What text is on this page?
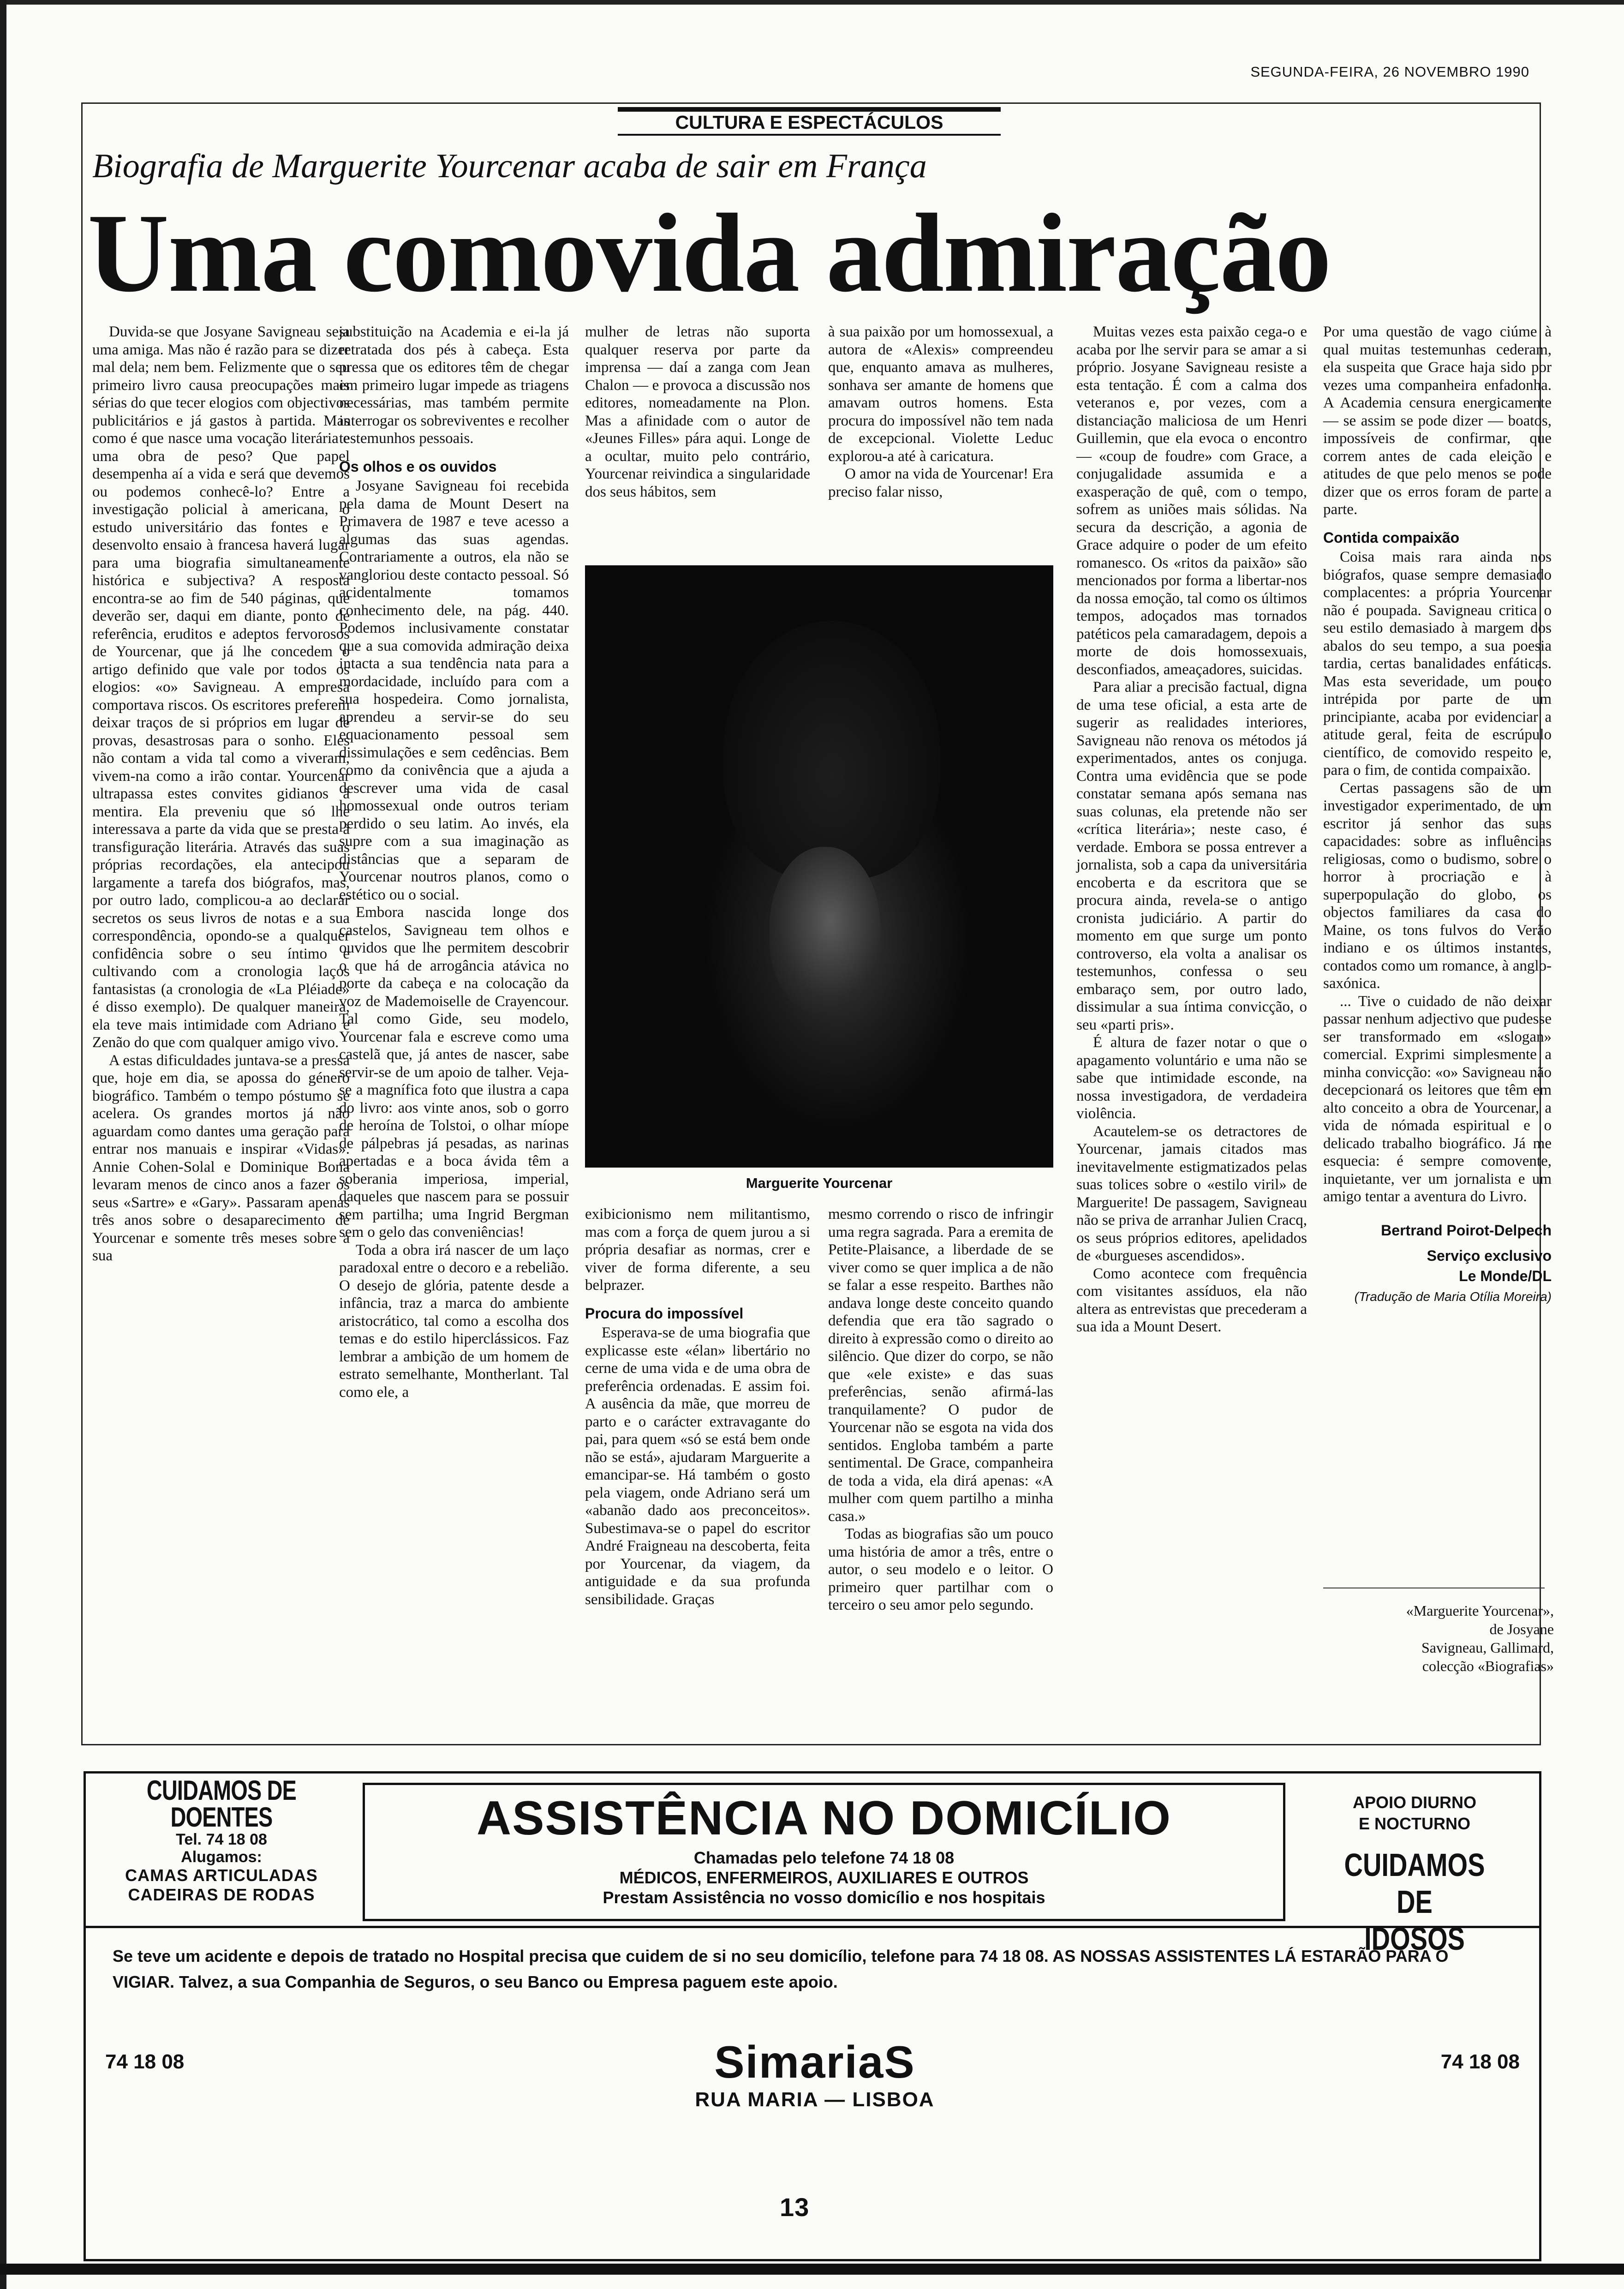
SEGUNDA-FEIRA, 26 NOVEMBRO 1990
CULTURA E ESPECTÁCULOS
Biografia de Marguerite Yourcenar acaba de sair em França
Uma comovida admiração

Duvida-se que Josyane Savigneau seja uma amiga. Mas não é razão para se dizer mal dela; nem bem. Felizmente que o seu primeiro livro causa preocupações mais sérias do que tecer elogios com objectivos publicitários e já gastos à partida. Mas como é que nasce uma vocação literária e uma obra de peso? Que papel desempenha aí a vida e será que devemos ou podemos conhecê-lo? Entre a investigação policial à americana, o estudo universitário das fontes e o desenvolto ensaio à francesa haverá lugar para uma biografia simultaneamente histórica e subjectiva? A resposta encontra-se ao fim de 540 páginas, que deverão ser, daqui em diante, ponto de referência, eruditos e adeptos fervorosos de Yourcenar, que já lhe concedem o artigo definido que vale por todos os elogios: «o» Savigneau. A empresa comportava riscos. Os escritores preferem deixar traços de si próprios em lugar de provas, desastrosas para o sonho. Eles não contam a vida tal como a viveram, vivem-na como a irão contar. Yourcenar ultrapassa estes convites gidianos à mentira. Ela preveniu que só lhe interessava a parte da vida que se presta à transfiguração literária. Através das suas próprias recordações, ela antecipou largamente a tarefa dos biógrafos, mas, por outro lado, complicou-a ao declarar secretos os seus livros de notas e a sua correspondência, opondo-se a qualquer confidência sobre o seu íntimo e cultivando com a cronologia laços fantasistas (a cronologia de «La Pléiade» é disso exemplo). De qualquer maneira, ela teve mais intimidade com Adriano e Zenão do que com qualquer amigo vivo.

A estas dificuldades juntava-se a pressa que, hoje em dia, se apossa do género biográfico. Também o tempo póstumo se acelera. Os grandes mortos já não aguardam como dantes uma geração para entrar nos manuais e inspirar «Vidas». Annie Cohen-Solal e Dominique Bona levaram menos de cinco anos a fazer os seus «Sartre» e «Gary». Passaram apenas três anos sobre o desaparecimento de Yourcenar e somente três meses sobre a sua

substituição na Academia e ei-la já retratada dos pés à cabeça. Esta pressa que os editores têm de chegar em primeiro lugar impede as triagens necessárias, mas também permite interrogar os sobreviventes e recolher testemunhos pessoais.

Os olhos e os ouvidos

Josyane Savigneau foi recebida pela dama de Mount Desert na Primavera de 1987 e teve acesso a algumas das suas agendas. Contrariamente a outros, ela não se vangloriou deste contacto pessoal. Só acidentalmente tomamos conhecimento dele, na pág. 440. Podemos inclusivamente constatar que a sua comovida admiração deixa intacta a sua tendência nata para a mordacidade, incluído para com a sua hospedeira. Como jornalista, aprendeu a servir-se do seu equacionamento pessoal sem dissimulações e sem cedências. Bem como da conivência que a ajuda a descrever uma vida de casal homossexual onde outros teriam perdido o seu latim. Ao invés, ela supre com a sua imaginação as distâncias que a separam de Yourcenar noutros planos, como o estético ou o social.

Embora nascida longe dos castelos, Savigneau tem olhos e ouvidos que lhe permitem descobrir o que há de arrogância atávica no porte da cabeça e na colocação da voz de Mademoiselle de Crayencour. Tal como Gide, seu modelo, Yourcenar fala e escreve como uma castelã que, já antes de nascer, sabe servir-se de um apoio de talher. Veja-se a magnífica foto que ilustra a capa do livro: aos vinte anos, sob o gorro de heroína de Tolstoi, o olhar míope de pálpebras já pesadas, as narinas apertadas e a boca ávida têm a soberania imperiosa, imperial, daqueles que nascem para se possuir sem partilha; uma Ingrid Bergman sem o gelo das conveniências!

Toda a obra irá nascer de um laço paradoxal entre o decoro e a rebelião. O desejo de glória, patente desde a infância, traz a marca do ambiente aristocrático, tal como a escolha dos temas e do estilo hiperclássicos. Faz lembrar a ambição de um homem de estrato semelhante, Montherlant. Tal como ele, a

mulher de letras não suporta qualquer reserva por parte da imprensa — daí a zanga com Jean Chalon — e provoca a discussão nos editores, nomeadamente na Plon. Mas a afinidade com o autor de «Jeunes Filles» pára aqui. Longe de a ocultar, muito pelo contrário, Yourcenar reivindica a singularidade dos seus hábitos, sem

à sua paixão por um homossexual, a autora de «Alexis» compreendeu que, enquanto amava as mulheres, sonhava ser amante de homens que amavam outros homens. Esta procura do impossível não tem nada de excepcional. Violette Leduc explorou-a até à caricatura.

O amor na vida de Yourcenar! Era preciso falar nisso,

Marguerite Yourcenar

exibicionismo nem militantismo, mas com a força de quem jurou a si própria desafiar as normas, crer e viver de forma diferente, a seu belprazer.

Procura do impossível

Esperava-se de uma biografia que explicasse este «élan» libertário no cerne de uma vida e de uma obra de preferência ordenadas. E assim foi. A ausência da mãe, que morreu de parto e o carácter extravagante do pai, para quem «só se está bem onde não se está», ajudaram Marguerite a emancipar-se. Há também o gosto pela viagem, onde Adriano será um «abanão dado aos preconceitos». Subestimava-se o papel do escritor André Fraigneau na descoberta, feita por Yourcenar, da viagem, da antiguidade e da sua profunda sensibilidade. Graças

mesmo correndo o risco de infringir uma regra sagrada. Para a eremita de Petite-Plaisance, a liberdade de se viver como se quer implica a de não se falar a esse respeito. Barthes não andava longe deste conceito quando defendia que era tão sagrado o direito à expressão como o direito ao silêncio. Que dizer do corpo, se não que «ele existe» e das suas preferências, senão afirmá-las tranquilamente? O pudor de Yourcenar não se esgota na vida dos sentidos. Engloba também a parte sentimental. De Grace, companheira de toda a vida, ela dirá apenas: «A mulher com quem partilho a minha casa.»

Todas as biografias são um pouco uma história de amor a três, entre o autor, o seu modelo e o leitor. O primeiro quer partilhar com o terceiro o seu amor pelo segundo.

Muitas vezes esta paixão cega-o e acaba por lhe servir para se amar a si próprio. Josyane Savigneau resiste a esta tentação. É com a calma dos veteranos e, por vezes, com a distanciação maliciosa de um Henri Guillemin, que ela evoca o encontro — «coup de foudre» com Grace, a conjugalidade assumida e a exasperação de quê, com o tempo, sofrem as uniões mais sólidas. Na secura da descrição, a agonia de Grace adquire o poder de um efeito romanesco. Os «ritos da paixão» são mencionados por forma a libertar-nos da nossa emoção, tal como os últimos tempos, adoçados mas tornados patéticos pela camaradagem, depois a morte de dois homossexuais, desconfiados, ameaçadores, suicidas.

Para aliar a precisão factual, digna de uma tese oficial, a esta arte de sugerir as realidades interiores, Savigneau não renova os métodos já experimentados, antes os conjuga. Contra uma evidência que se pode constatar semana após semana nas suas colunas, ela pretende não ser «crítica literária»; neste caso, é verdade. Embora se possa entrever a jornalista, sob a capa da universitária encoberta e da escritora que se procura ainda, revela-se o antigo cronista judiciário. A partir do momento em que surge um ponto controverso, ela volta a analisar os testemunhos, confessa o seu embaraço sem, por outro lado, dissimular a sua íntima convicção, o seu «parti pris».

É altura de fazer notar o que o apagamento voluntário e uma não se sabe que intimidade esconde, na nossa investigadora, de verdadeira violência.

Acautelem-se os detractores de Yourcenar, jamais citados mas inevitavelmente estigmatizados pelas suas tolices sobre o «estilo viril» de Marguerite! De passagem, Savigneau não se priva de arranhar Julien Cracq, os seus próprios editores, apelidados de «burgueses ascendidos».

Como acontece com frequência com visitantes assíduos, ela não altera as entrevistas que precederam a sua ida a Mount Desert.

Por uma questão de vago ciúme à qual muitas testemunhas cederam, ela suspeita que Grace haja sido por vezes uma companheira enfadonha. A Academia censura energicamente — se assim se pode dizer — boatos, impossíveis de confirmar, que correm antes de cada eleição e atitudes de que pelo menos se pode dizer que os erros foram de parte a parte.

Contida compaixão

Coisa mais rara ainda nos biógrafos, quase sempre demasiado complacentes: a própria Yourcenar não é poupada. Savigneau critica o seu estilo demasiado à margem dos abalos do seu tempo, a sua poesia tardia, certas banalidades enfáticas. Mas esta severidade, um pouco intrépida por parte de um principiante, acaba por evidenciar a atitude geral, feita de escrúpulo científico, de comovido respeito e, para o fim, de contida compaixão.

Certas passagens são de um investigador experimentado, de um escritor já senhor das suas capacidades: sobre as influências religiosas, como o budismo, sobre o horror à procriação e à superpopulação do globo, os objectos familiares da casa do Maine, os tons fulvos do Verão indiano e os últimos instantes, contados como um romance, à anglo-saxónica.

... Tive o cuidado de não deixar passar nenhum adjectivo que pudesse ser transformado em «slogan» comercial. Exprimi simplesmente a minha convicção: «o» Savigneau não decepcionará os leitores que têm em alto conceito a obra de Yourcenar, a vida de nómada espiritual e o delicado trabalho biográfico. Já me esquecia: é sempre comovente, inquietante, ver um jornalista e um amigo tentar a aventura do Livro.

Bertrand Poirot-Delpech
Serviço exclusivo
Le Monde/DL
(Tradução de Maria Otília Moreira)
«Marguerite Yourcenar»,
de Josyane
Savigneau, Gallimard,
colecção «Biografias»
CUIDAMOS DE
DOENTES
Tel. 74 18 08
Alugamos:
CAMAS ARTICULADAS
CADEIRAS DE RODAS
ASSISTÊNCIA NO DOMICÍLIO
Chamadas pelo telefone 74 18 08
MÉDICOS, ENFERMEIROS, AUXILIARES E OUTROS
Prestam Assistência no vosso domicílio e nos hospitais
APOIO DIURNO
E NOCTURNO
CUIDAMOS DE
IDOSOS
Se teve um acidente e depois de tratado no Hospital precisa que cuidem de si no seu domicílio, telefone para 74 18 08. AS NOSSAS ASSISTENTES LÁ ESTARÃO PARA O VIGIAR. Talvez, a sua Companhia de Seguros, o seu Banco ou Empresa paguem este apoio.
74 18 08	SimariaS
RUA MARIA — LISBOA
74 18 08
13
